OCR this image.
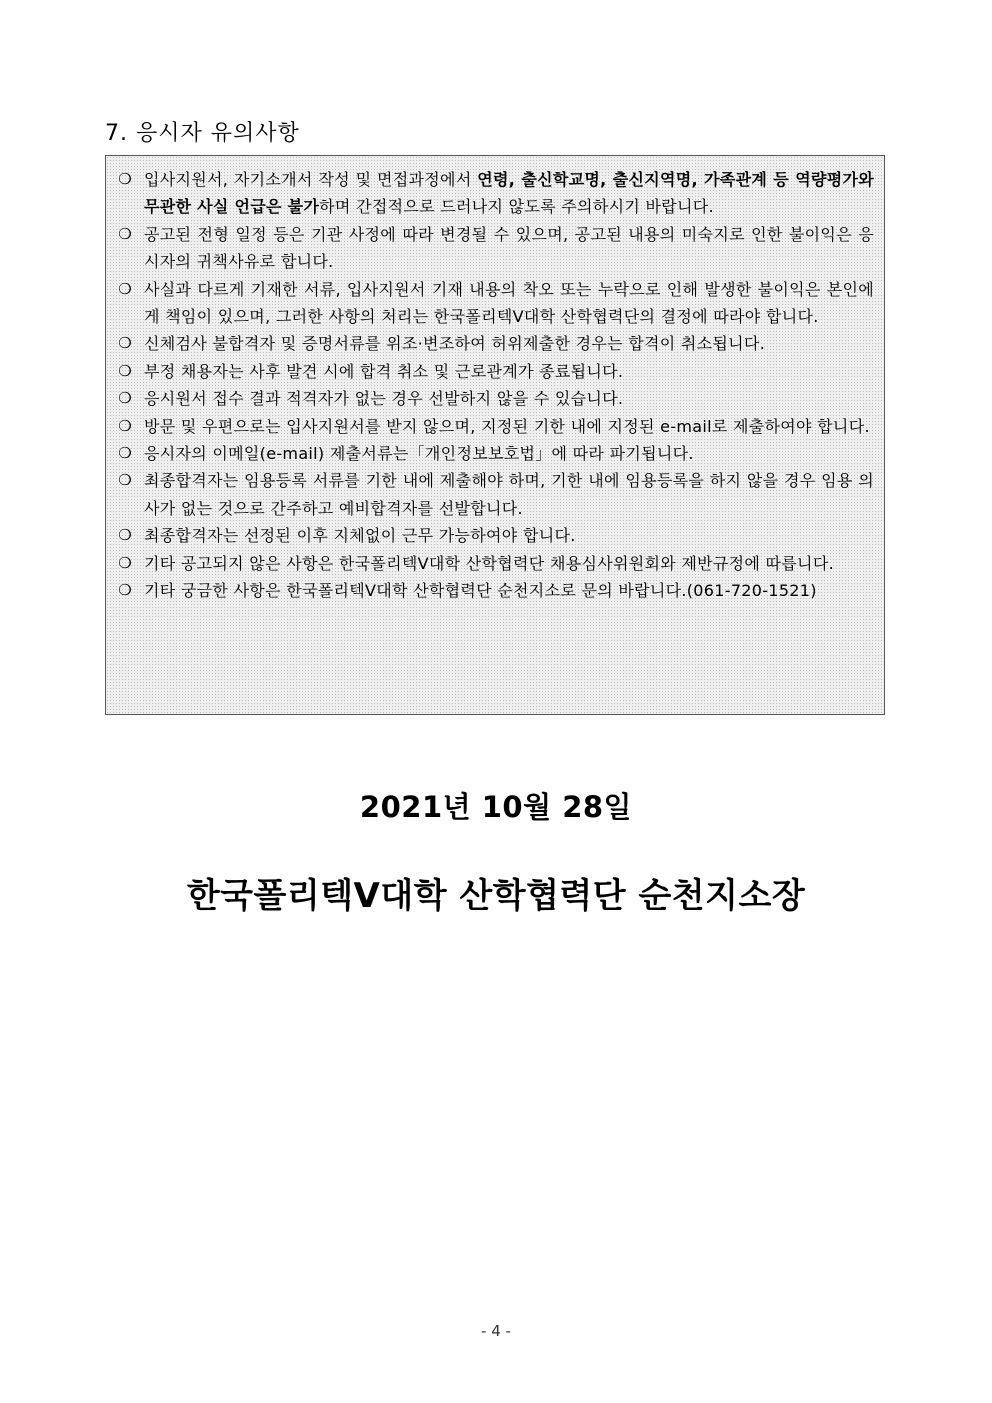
7. 응시자 유의사항
❍ 입사지원서, 자기소개서 작성 및 면접과정에서 연령, 출신학교명, 출신지역명, 가족관계 등 역량평가와 무관한 사실 언급은 불가하며 간접적으로 드러나지 않도록 주의하시기 바랍니다.
❍ 공고된 전형 일정 등은 기관 사정에 따라 변경될 수 있으며, 공고된 내용의 미숙지로 인한 불이익은 응시자의 귀책사유로 합니다.
❍ 사실과 다르게 기재한 서류, 입사지원서 기재 내용의 착오 또는 누락으로 인해 발생한 불이익은 본인에게 책임이 있으며, 그러한 사항의 처리는 한국폴리텍V대학 산학협력단의 결정에 따라야 합니다.
❍ 신체검사 불합격자 및 증명서류를 위조·변조하여 허위제출한 경우는 합격이 취소됩니다.
❍ 부정 채용자는 사후 발견 시에 합격 취소 및 근로관계가 종료됩니다.
❍ 응시원서 접수 결과 적격자가 없는 경우 선발하지 않을 수 있습니다.
❍ 방문 및 우편으로는 입사지원서를 받지 않으며, 지정된 기한 내에 지정된 e-mail로 제출하여야 합니다.
❍ 응시자의 이메일(e-mail) 제출서류는「개인정보보호법」에 따라 파기됩니다.
❍ 최종합격자는 임용등록 서류를 기한 내에 제출해야 하며, 기한 내에 임용등록을 하지 않을 경우 임용 의사가 없는 것으로 간주하고 예비합격자를 선발합니다.
❍ 최종합격자는 선정된 이후 지체없이 근무 가능하여야 합니다.
❍ 기타 공고되지 않은 사항은 한국폴리텍V대학 산학협력단 채용심사위원회와 제반규정에 따릅니다.
❍ 기타 궁금한 사항은 한국폴리텍V대학 산학협력단 순천지소로 문의 바랍니다.(061-720-1521)
2021년 10월 28일
한국폴리텍V대학 산학협력단 순천지소장
- 4 -
